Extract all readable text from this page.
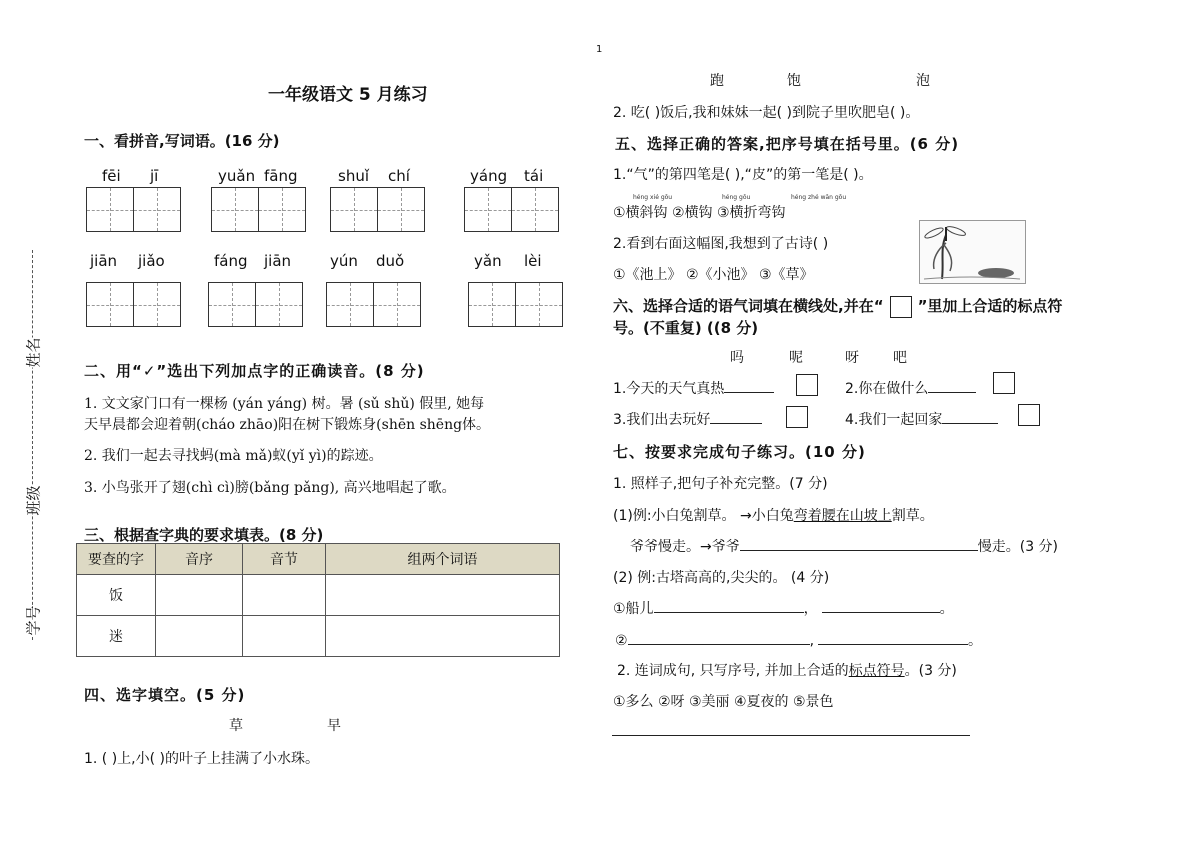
1
姓名
班级
学号
一年级语文 5 月练习
一、看拼音,写词语。(16 分)
fēi jī	yuǎn fāng	shuǐ chí	yáng tái
jiān jiǎo	fáng jiān	yún duǒ	yǎn lèi
二、用“✓”选出下列加点字的正确读音。(8 分)
1. 文文家门口有一棵杨 (yán yáng) 树。暑 (sǔ shǔ) 假里, 她每
天早晨都会迎着朝(cháo zhāo)阳在树下锻炼身(shēn shēng体。
2. 我们一起去寻找蚂(mà mǎ)蚁(yǐ yì)的踪迹。
3. 小鸟张开了翅(chì cì)膀(bǎng pǎng), 高兴地唱起了歌。
三、根据查字典的要求填表。(8 分)
要查的字	音序	音节	组两个词语
饭			
迷			
四、选字填空。(5 分)
草	早
1. ( )上,小( )的叶子上挂满了小水珠。
跑	饱	泡
2. 吃( )饭后,我和妹妹一起( )到院子里吹肥皂( )。
五、选择正确的答案,把序号填在括号里。(6 分)
1.“气”的第四笔是( ),“皮”的第一笔是( )。
héng xié gōu	héng gōu	héng zhé wān gōu
①横斜钩 ②横钩 ③横折弯钩
2.看到右面这幅图,我想到了古诗( )
①《池上》 ②《小池》 ③《草》
六、选择合适的语气词填在横线处,并在“ ”里加上合适的标点符
号。(不重复) ((8 分)
吗	呢	呀 吧
1.今天的天气真热	2.你在做什么
3.我们出去玩好	4.我们一起回家
七、按要求完成句子练习。(10 分)
1. 照样子,把句子补充完整。(7 分)
(1)例:小白兔割草。 →小白兔弯着腰在山坡上割草。
爷爷慢走。→爷爷	慢走。(3 分)
(2) 例:古塔高高的,尖尖的。 (4 分)
①船儿	，	。
②	,	。
2. 连词成句, 只写序号, 并加上合适的标点符号。(3 分)
①多么 ②呀 ③美丽 ④夏夜的 ⑤景色
